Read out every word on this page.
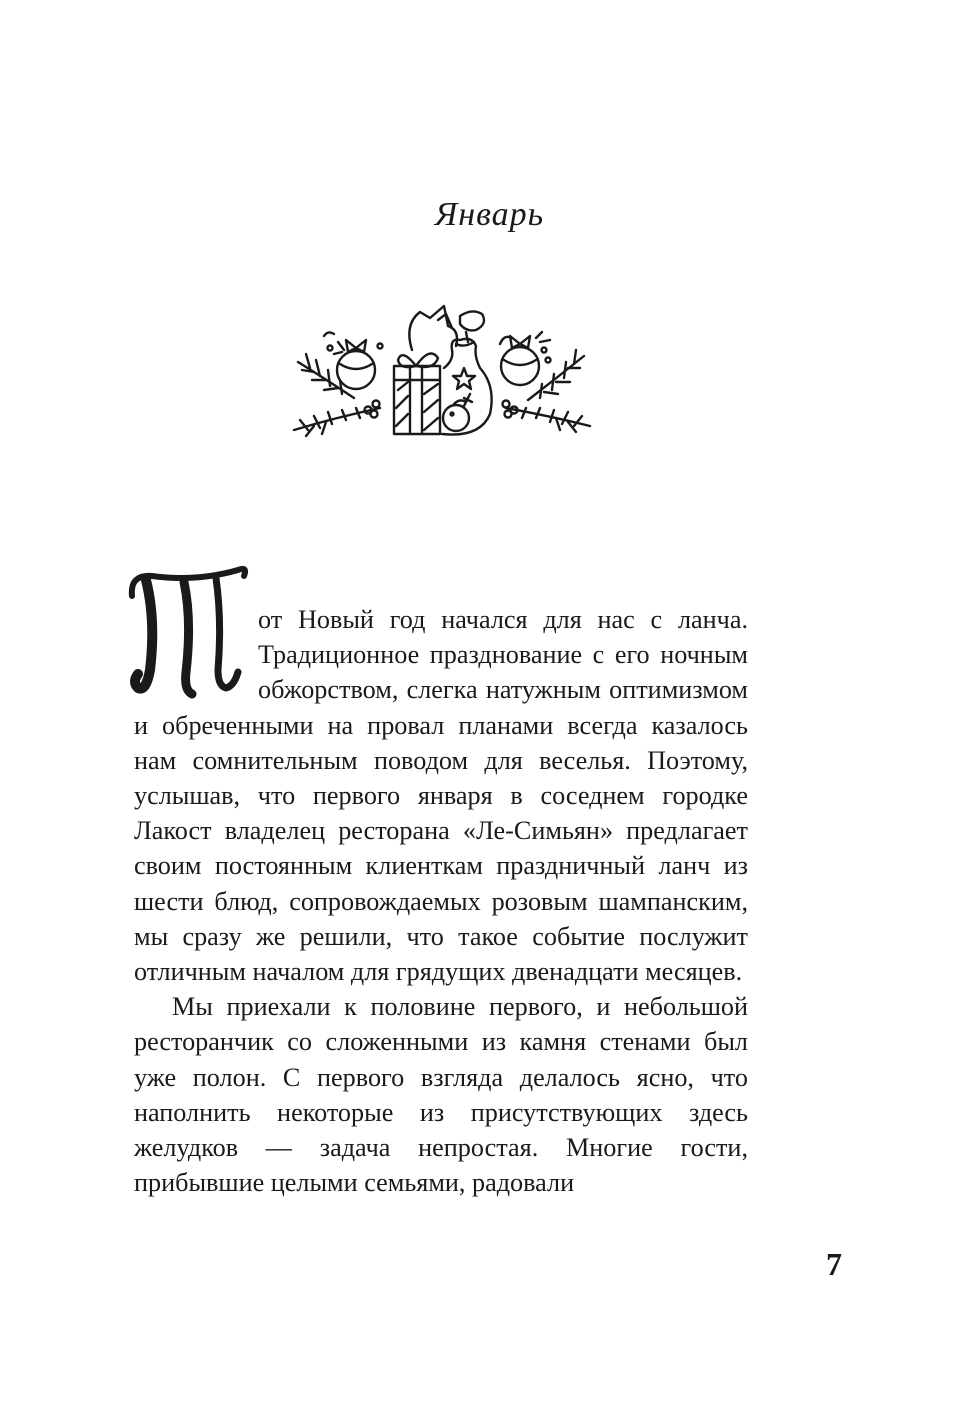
Январь

от Новый год начался для нас с ланча. Традиционное празднование с его ночным обжорством, слегка натужным оптимизмом и обреченными на провал планами всегда казалось нам сомнительным поводом для веселья. Поэтому, услышав, что первого января в соседнем городке Лакост владелец ресторана «Ле-Симьян» предлагает своим постоянным клиенткам праздничный ланч из шести блюд, сопровождаемых розовым шампанским, мы сразу же решили, что такое событие послужит отличным началом для грядущих двенадцати месяцев.

Мы приехали к половине первого, и небольшой ресторанчик со сложенными из камня стенами был уже полон. С первого взгляда делалось ясно, что наполнить некоторые из присутствующих здесь желудков — задача непростая. Многие гости, прибывшие целыми семьями, радовали

7
